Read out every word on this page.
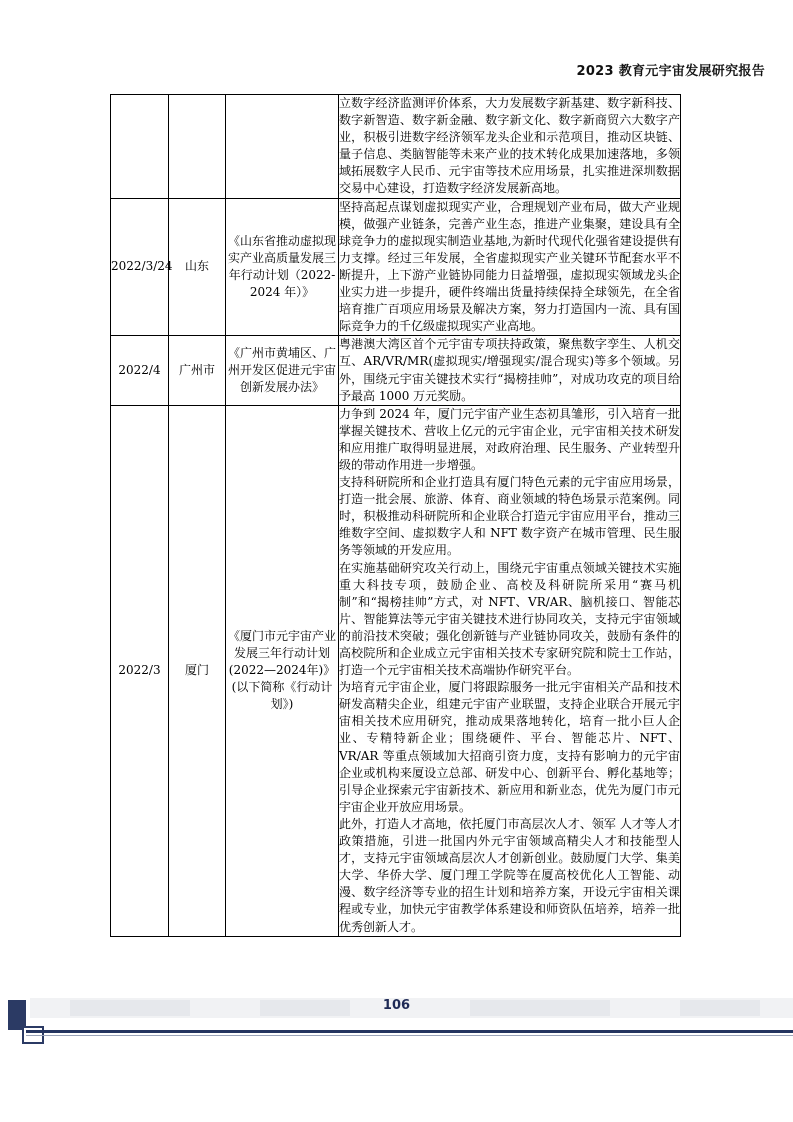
2023 教育元宇宙发展研究报告

			立数字经济监测评价体系，大力发展数字新基建、数字新科技、数字新智造、数字新金融、数字新文化、数字新商贸六大数字产业，积极引进数字经济领军龙头企业和示范项目，推动区块链、量子信息、类脑智能等未来产业的技术转化成果加速落地，多领域拓展数字人民币、元宇宙等技术应用场景，扎实推进深圳数据交易中心建设，打造数字经济发展新高地。

2022/3/24	山东	《山东省推动虚拟现实产业高质量发展三年行动计划（2022-2024 年）》	坚持高起点谋划虚拟现实产业，合理规划产业布局，做大产业规模，做强产业链条，完善产业生态，推进产业集聚，建设具有全球竞争力的虚拟现实制造业基地,为新时代现代化强省建设提供有力支撑。经过三年发展，全省虚拟现实产业关键环节配套水平不断提升，上下游产业链协同能力日益增强，虚拟现实领域龙头企业实力进一步提升，硬件终端出货量持续保持全球领先，在全省培育推广百项应用场景及解决方案，努力打造国内一流、具有国际竞争力的千亿级虚拟现实产业高地。

2022/4	广州市	《广州市黄埔区、广州开发区促进元宇宙创新发展办法》	粤港澳大湾区首个元宇宙专项扶持政策，聚焦数字孪生、人机交互、AR/VR/MR(虚拟现实/增强现实/混合现实)等多个领域。另外，围绕元宇宙关键技术实行“揭榜挂帅”，对成功攻克的项目给予最高 1000 万元奖励。

2022/3	厦门	《厦门市元宇宙产业发展三年行动计划(2022—2024年)》(以下简称《行动计划》)	力争到 2024 年，厦门元宇宙产业生态初具雏形，引入培育一批掌握关键技术、营收上亿元的元宇宙企业，元宇宙相关技术研发和应用推广取得明显进展，对政府治理、民生服务、产业转型升级的带动作用进一步增强。

支持科研院所和企业打造具有厦门特色元素的元宇宙应用场景，打造一批会展、旅游、体育、商业领域的特色场景示范案例。同时，积极推动科研院所和企业联合打造元宇宙应用平台，推动三维数字空间、虚拟数字人和 NFT 数字资产在城市管理、民生服务等领域的开发应用。

在实施基础研究攻关行动上，围绕元宇宙重点领域关键技术实施重大科技专项，鼓励企业、高校及科研院所采用“赛马机制”和“揭榜挂帅”方式，对 NFT、VR/AR、脑机接口、智能芯片、智能算法等元宇宙关键技术进行协同攻关，支持元宇宙领域的前沿技术突破；强化创新链与产业链协同攻关，鼓励有条件的高校院所和企业成立元宇宙相关技术专家研究院和院士工作站，打造一个元宇宙相关技术高端协作研究平台。

为培育元宇宙企业，厦门将跟踪服务一批元宇宙相关产品和技术研发高精尖企业，组建元宇宙产业联盟，支持企业联合开展元宇宙相关技术应用研究，推动成果落地转化，培育一批小巨人企业、专精特新企业；围绕硬件、平台、智能芯片、NFT、VR/AR 等重点领域加大招商引资力度，支持有影响力的元宇宙企业或机构来厦设立总部、研发中心、创新平台、孵化基地等；引导企业探索元宇宙新技术、新应用和新业态，优先为厦门市元宇宙企业开放应用场景。

此外，打造人才高地，依托厦门市高层次人才、领军 人才等人才政策措施，引进一批国内外元宇宙领域高精尖人才和技能型人才，支持元宇宙领域高层次人才创新创业。鼓励厦门大学、集美大学、华侨大学、厦门理工学院等在厦高校优化人工智能、动漫、数字经济等专业的招生计划和培养方案，开设元宇宙相关课程或专业，加快元宇宙教学体系建设和师资队伍培养，培养一批优秀创新人才。

106
